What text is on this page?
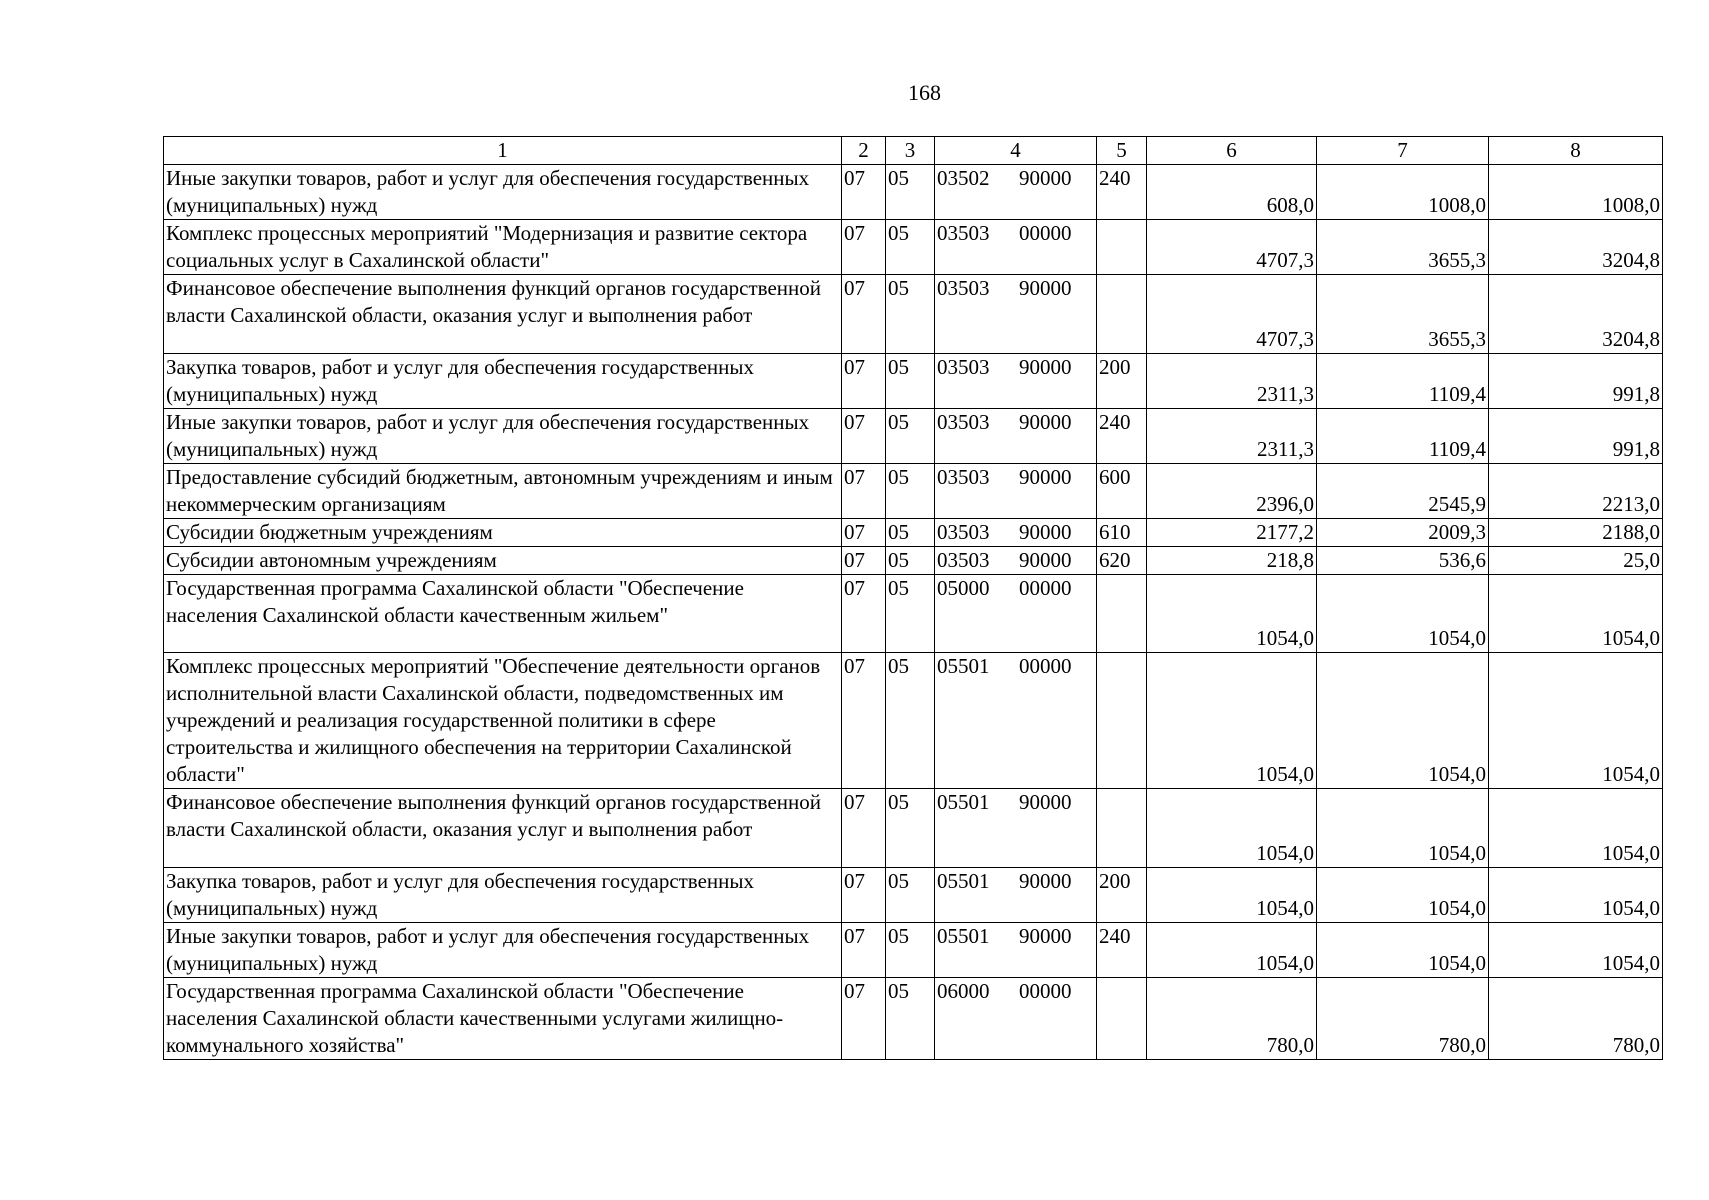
168
1	2	3	4	5	6	7	8
Иные закупки товаров, работ и услуг для обеспечения государственных (муниципальных) нужд	07	05	03502 90000	240	608,0	1008,0	1008,0
Комплекс процессных мероприятий "Модернизация и развитие сектора социальных услуг в Сахалинской области"	07	05	03503 00000		4707,3	3655,3	3204,8
Финансовое обеспечение выполнения функций органов государственной власти Сахалинской области, оказания услуг и выполнения работ	07	05	03503 90000		4707,3	3655,3	3204,8
Закупка товаров, работ и услуг для обеспечения государственных (муниципальных) нужд	07	05	03503 90000	200	2311,3	1109,4	991,8
Иные закупки товаров, работ и услуг для обеспечения государственных (муниципальных) нужд	07	05	03503 90000	240	2311,3	1109,4	991,8
Предоставление субсидий бюджетным, автономным учреждениям и иным некоммерческим организациям	07	05	03503 90000	600	2396,0	2545,9	2213,0
Субсидии бюджетным учреждениям	07	05	03503 90000	610	2177,2	2009,3	2188,0
Субсидии автономным учреждениям	07	05	03503 90000	620	218,8	536,6	25,0
Государственная программа Сахалинской области "Обеспечение населения Сахалинской области качественным жильем"	07	05	05000 00000		1054,0	1054,0	1054,0
Комплекс процессных мероприятий "Обеспечение деятельности органов исполнительной власти Сахалинской области, подведомственных им учреждений и реализация государственной политики в сфере строительства и жилищного обеспечения на территории Сахалинской области"	07	05	05501 00000		1054,0	1054,0	1054,0
Финансовое обеспечение выполнения функций органов государственной власти Сахалинской области, оказания услуг и выполнения работ	07	05	05501 90000		1054,0	1054,0	1054,0
Закупка товаров, работ и услуг для обеспечения государственных (муниципальных) нужд	07	05	05501 90000	200	1054,0	1054,0	1054,0
Иные закупки товаров, работ и услуг для обеспечения государственных (муниципальных) нужд	07	05	05501 90000	240	1054,0	1054,0	1054,0
Государственная программа Сахалинской области "Обеспечение населения Сахалинской области качественными услугами жилищно-коммунального хозяйства"	07	05	06000 00000		780,0	780,0	780,0
